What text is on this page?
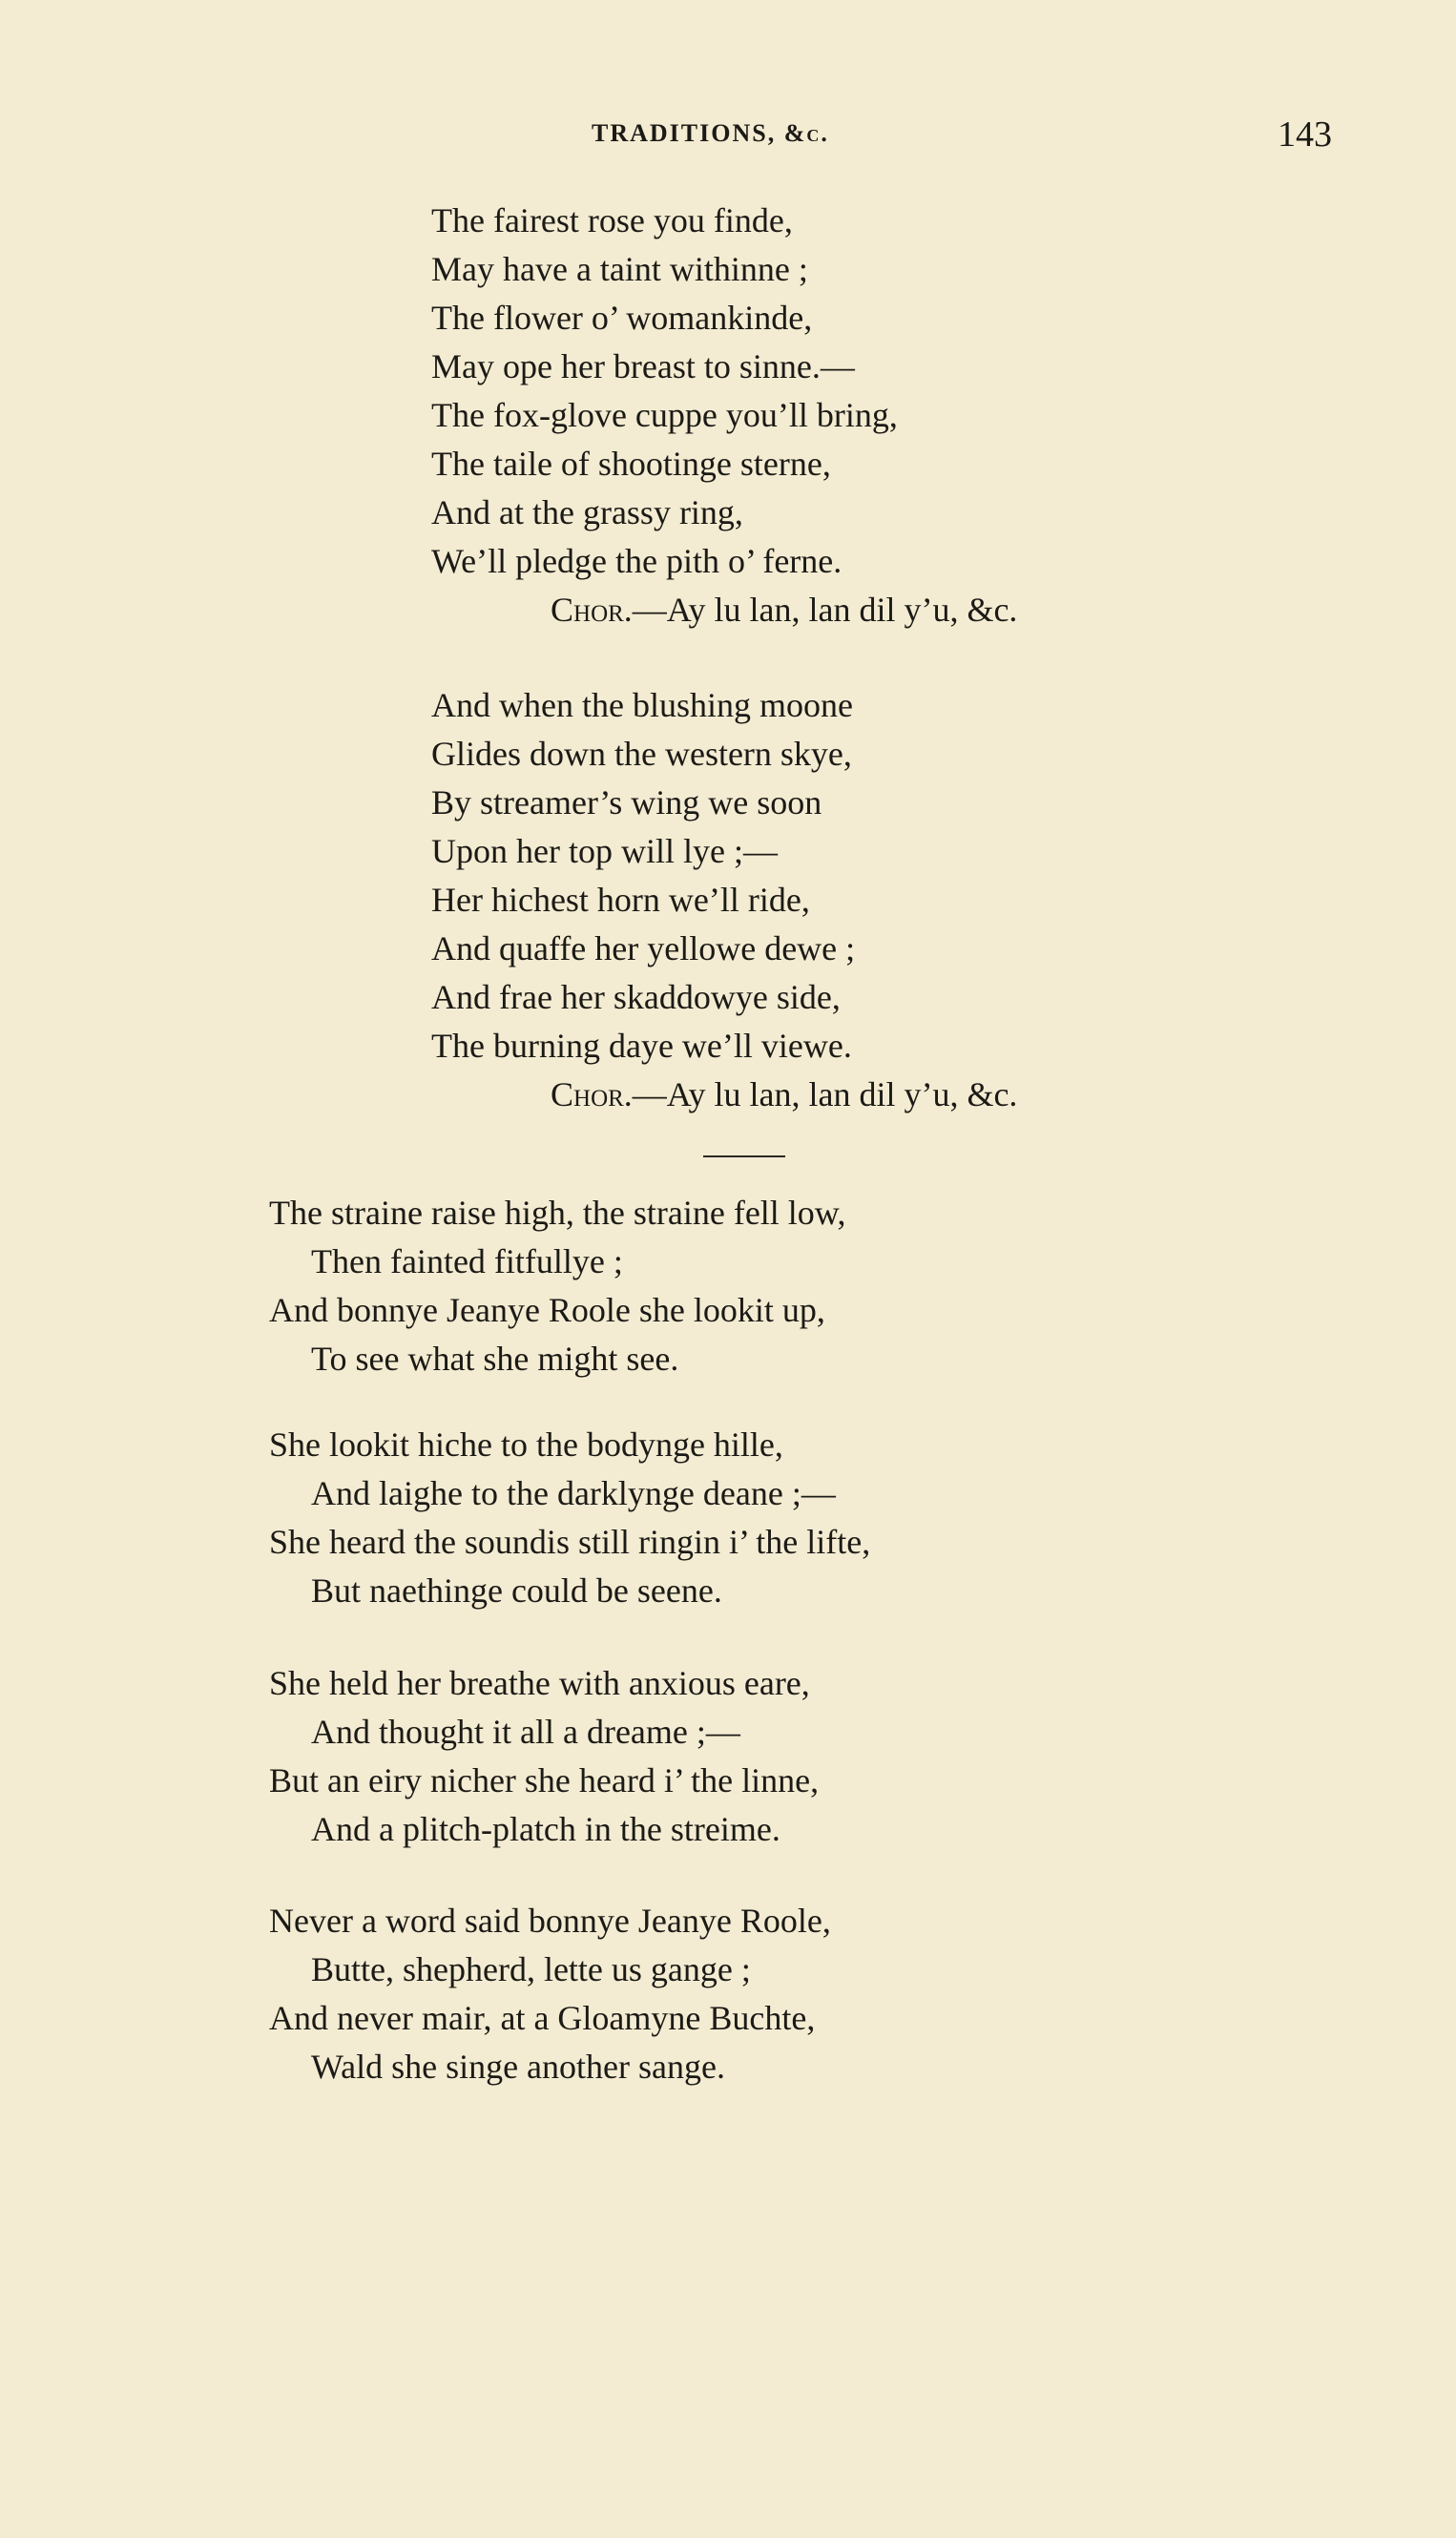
TRADITIONS, &c.	143
The fairest rose you finde,
May have a taint withinne ;
The flower o’ womankinde,
May ope her breast to sinne.—
The fox-glove cuppe you’ll bring,
The taile of shootinge sterne,
And at the grassy ring,
We’ll pledge the pith o’ ferne.
Chor.—Ay lu lan, lan dil y’u, &c.
And when the blushing moone
Glides down the western skye,
By streamer’s wing we soon
Upon her top will lye ;—
Her hichest horn we’ll ride,
And quaffe her yellowe dewe ;
And frae her skaddowye side,
The burning daye we’ll viewe.
Chor.—Ay lu lan, lan dil y’u, &c.
The straine raise high, the straine fell low,
Then fainted fitfullye ;
And bonnye Jeanye Roole she lookit up,
To see what she might see.
She lookit hiche to the bodynge hille,
And laighe to the darklynge deane ;—
She heard the soundis still ringin i’ the lifte,
But naethinge could be seene.
She held her breathe with anxious eare,
And thought it all a dreame ;—
But an eiry nicher she heard i’ the linne,
And a plitch-platch in the streime.
Never a word said bonnye Jeanye Roole,
Butte, shepherd, lette us gange ;
And never mair, at a Gloamyne Buchte,
Wald she singe another sange.
